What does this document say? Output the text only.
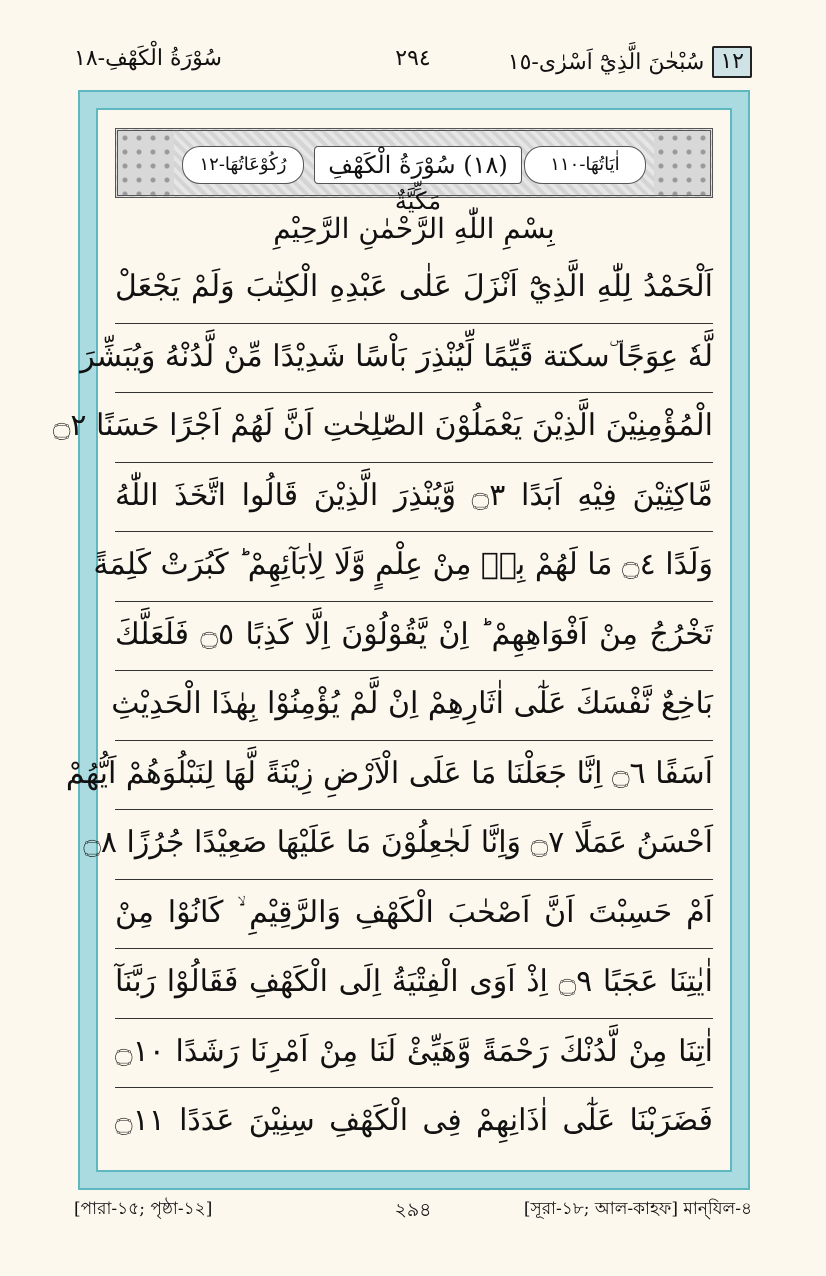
سُوْرَةُ الْكَهْفِ-١٨	٢٩٤	١٢
سُبْحٰنَ الَّذِيْٓ اَسْرٰى-١٥
اٰيَاتُهَا-١١٠
(١٨) سُوْرَةُ الْكَهْفِ مَكِّيَّةٌ
رُكُوْعَاتُهَا-١٢
بِسْمِ اللّٰهِ الرَّحْمٰنِ الرَّحِيْمِ
اَلْحَمْدُ لِلّٰهِ الَّذِيْٓ اَنْزَلَ عَلٰى عَبْدِهِ الْكِتٰبَ وَلَمْ يَجْعَلْ
لَّهٗ عِوَجًا ۜسكتة قَيِّمًا لِّيُنْذِرَ بَاْسًا شَدِيْدًا مِّنْ لَّدُنْهُ وَيُبَشِّرَ
الْمُؤْمِنِيْنَ الَّذِيْنَ يَعْمَلُوْنَ الصّٰلِحٰتِ اَنَّ لَهُمْ اَجْرًا حَسَنًا ۝٢
مَّاكِثِيْنَ فِيْهِ اَبَدًا ۝٣ وَّيُنْذِرَ الَّذِيْنَ قَالُوا اتَّخَذَ اللّٰهُ
وَلَدًا ۝٤ مَا لَهُمْ بِهٖ مِنْ عِلْمٍ وَّلَا لِاٰبَآئِهِمْ ؕ كَبُرَتْ كَلِمَةً
تَخْرُجُ مِنْ اَفْوَاهِهِمْ ؕ اِنْ يَّقُوْلُوْنَ اِلَّا كَذِبًا ۝٥ فَلَعَلَّكَ
بَاخِعٌ نَّفْسَكَ عَلٰٓى اٰثَارِهِمْ اِنْ لَّمْ يُؤْمِنُوْا بِهٰذَا الْحَدِيْثِ
اَسَفًا ۝٦ اِنَّا جَعَلْنَا مَا عَلَى الْاَرْضِ زِيْنَةً لَّهَا لِنَبْلُوَهُمْ اَيُّهُمْ
اَحْسَنُ عَمَلًا ۝٧ وَاِنَّا لَجٰعِلُوْنَ مَا عَلَيْهَا صَعِيْدًا جُرُزًا ۝٨
اَمْ حَسِبْتَ اَنَّ اَصْحٰبَ الْكَهْفِ وَالرَّقِيْمِ ۙ كَانُوْا مِنْ
اٰيٰتِنَا عَجَبًا ۝٩ اِذْ اَوَى الْفِتْيَةُ اِلَى الْكَهْفِ فَقَالُوْا رَبَّنَآ
اٰتِنَا مِنْ لَّدُنْكَ رَحْمَةً وَّهَيِّئْ لَنَا مِنْ اَمْرِنَا رَشَدًا ۝١٠
فَضَرَبْنَا عَلٰٓى اٰذَانِهِمْ فِى الْكَهْفِ سِنِيْنَ عَدَدًا ۝١١
[পারা-১৫; পৃষ্ঠা-১২]	২৯৪	[সূরা-১৮; আল-কাহফ] মান্‌যিল-৪
